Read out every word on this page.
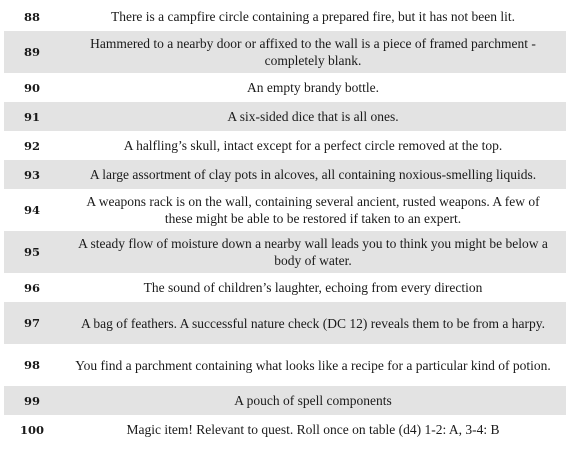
88	There is a campfire circle containing a prepared fire, but it has not been lit.
89	Hammered to a nearby door or affixed to the wall is a piece of framed parchment - completely blank.
90	An empty brandy bottle.
91	A six-sided dice that is all ones.
92	A halfling’s skull, intact except for a perfect circle removed at the top.
93	A large assortment of clay pots in alcoves, all containing noxious-smelling liquids.
94	A weapons rack is on the wall, containing several ancient, rusted weapons. A few of these might be able to be restored if taken to an expert.
95	A steady flow of moisture down a nearby wall leads you to think you might be below a body of water.
96	The sound of children’s laughter, echoing from every direction
97	A bag of feathers. A successful nature check (DC 12) reveals them to be from a harpy.
98	You find a parchment containing what looks like a recipe for a particular kind of potion.
99	A pouch of spell components
100	Magic item! Relevant to quest. Roll once on table (d4) 1-2: A, 3-4: B
